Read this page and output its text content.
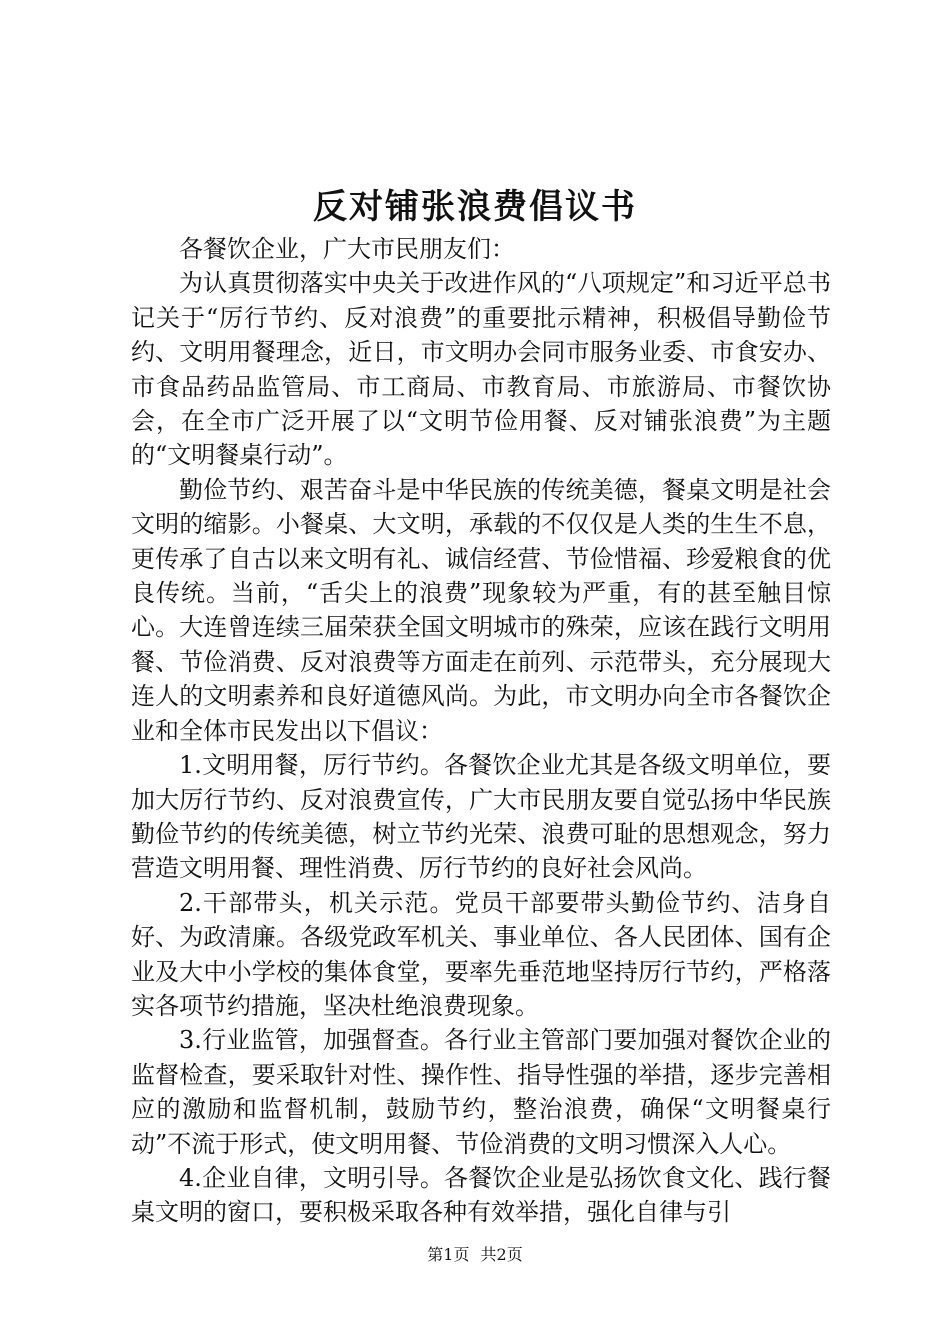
反对铺张浪费倡议书

各餐饮企业，广大市民朋友们：

为认真贯彻落实中央关于改进作风的“八项规定”和习近平总书记关于“厉行节约、反对浪费”的重要批示精神，积极倡导勤俭节约、文明用餐理念，近日，市文明办会同市服务业委、市食安办、市食品药品监管局、市工商局、市教育局、市旅游局、市餐饮协会，在全市广泛开展了以“文明节俭用餐、反对铺张浪费”为主题的“文明餐桌行动”。

勤俭节约、艰苦奋斗是中华民族的传统美德，餐桌文明是社会文明的缩影。小餐桌、大文明，承载的不仅仅是人类的生生不息，更传承了自古以来文明有礼、诚信经营、节俭惜福、珍爱粮食的优良传统。当前，“舌尖上的浪费”现象较为严重，有的甚至触目惊心。大连曾连续三届荣获全国文明城市的殊荣，应该在践行文明用餐、节俭消费、反对浪费等方面走在前列、示范带头，充分展现大连人的文明素养和良好道德风尚。为此，市文明办向全市各餐饮企业和全体市民发出以下倡议：

1.文明用餐，厉行节约。各餐饮企业尤其是各级文明单位，要加大厉行节约、反对浪费宣传，广大市民朋友要自觉弘扬中华民族勤俭节约的传统美德，树立节约光荣、浪费可耻的思想观念，努力营造文明用餐、理性消费、厉行节约的良好社会风尚。

2.干部带头，机关示范。党员干部要带头勤俭节约、洁身自好、为政清廉。各级党政军机关、事业单位、各人民团体、国有企业及大中小学校的集体食堂，要率先垂范地坚持厉行节约，严格落实各项节约措施，坚决杜绝浪费现象。

3.行业监管，加强督查。各行业主管部门要加强对餐饮企业的监督检查，要采取针对性、操作性、指导性强的举措，逐步完善相应的激励和监督机制，鼓励节约，整治浪费，确保“文明餐桌行动”不流于形式，使文明用餐、节俭消费的文明习惯深入人心。

4.企业自律，文明引导。各餐饮企业是弘扬饮食文化、践行餐桌文明的窗口，要积极采取各种有效举措，强化自律与引

第1页 共2页
